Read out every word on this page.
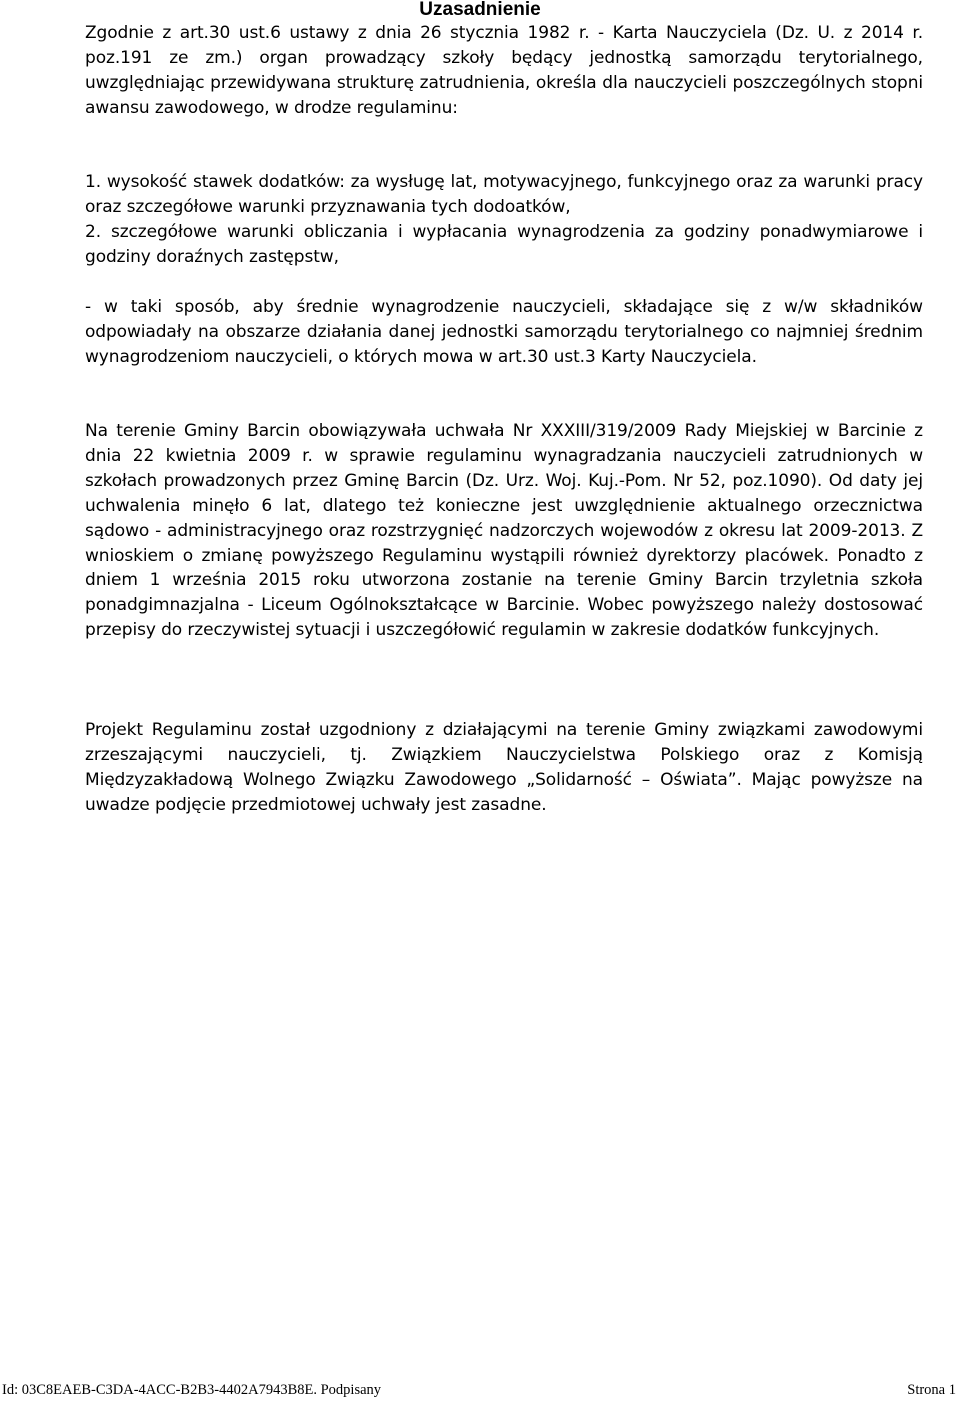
Uzasadnienie

Zgodnie z art.30 ust.6 ustawy z dnia 26 stycznia 1982 r. - Karta Nauczyciela (Dz. U. z 2014 r. poz.191 ze zm.) organ prowadzący szkoły będący jednostką samorządu terytorialnego, uwzględniając przewidywana strukturę zatrudnienia, określa dla nauczycieli poszczególnych stopni awansu zawodowego, w drodze regulaminu:

1. wysokość stawek dodatków: za wysługę lat, motywacyjnego, funkcyjnego oraz za warunki pracy oraz szczegółowe warunki przyznawania tych dodoatków,

2. szczegółowe warunki obliczania i wypłacania wynagrodzenia za godziny ponadwymiarowe i godziny doraźnych zastępstw,

- w taki sposób, aby średnie wynagrodzenie nauczycieli, składające się z w/w składników odpowiadały na obszarze działania danej jednostki samorządu terytorialnego co najmniej średnim wynagrodzeniom nauczycieli, o których mowa w art.30 ust.3 Karty Nauczyciela.

Na terenie Gminy Barcin obowiązywała uchwała Nr XXXIII/319/2009 Rady Miejskiej w Barcinie z dnia 22 kwietnia 2009 r. w sprawie regulaminu wynagradzania nauczycieli zatrudnionych w szkołach prowadzonych przez Gminę Barcin (Dz. Urz. Woj. Kuj.-Pom. Nr 52, poz.1090). Od daty jej uchwalenia minęło 6 lat, dlatego też konieczne jest uwzględnienie aktualnego orzecznictwa sądowo - administracyjnego oraz rozstrzygnięć nadzorczych wojewodów z okresu lat 2009-2013. Z wnioskiem o zmianę powyższego Regulaminu wystąpili również dyrektorzy placówek. Ponadto z dniem 1 września 2015 roku utworzona zostanie na terenie Gminy Barcin trzyletnia szkoła ponadgimnazjalna - Liceum Ogólnokształcące w Barcinie. Wobec powyższego należy dostosować przepisy do rzeczywistej sytuacji i uszczegółowić regulamin w zakresie dodatków funkcyjnych.

Projekt Regulaminu został uzgodniony z działającymi na terenie Gminy związkami zawodowymi zrzeszającymi nauczycieli, tj. Związkiem Nauczycielstwa Polskiego oraz z Komisją Międzyzakładową Wolnego Związku Zawodowego „Solidarność – Oświata”. Mając powyższe na uwadze podjęcie przedmiotowej uchwały jest zasadne.

Id: 03C8EAEB-C3DA-4ACC-B2B3-4402A7943B8E. Podpisany	Strona 1
